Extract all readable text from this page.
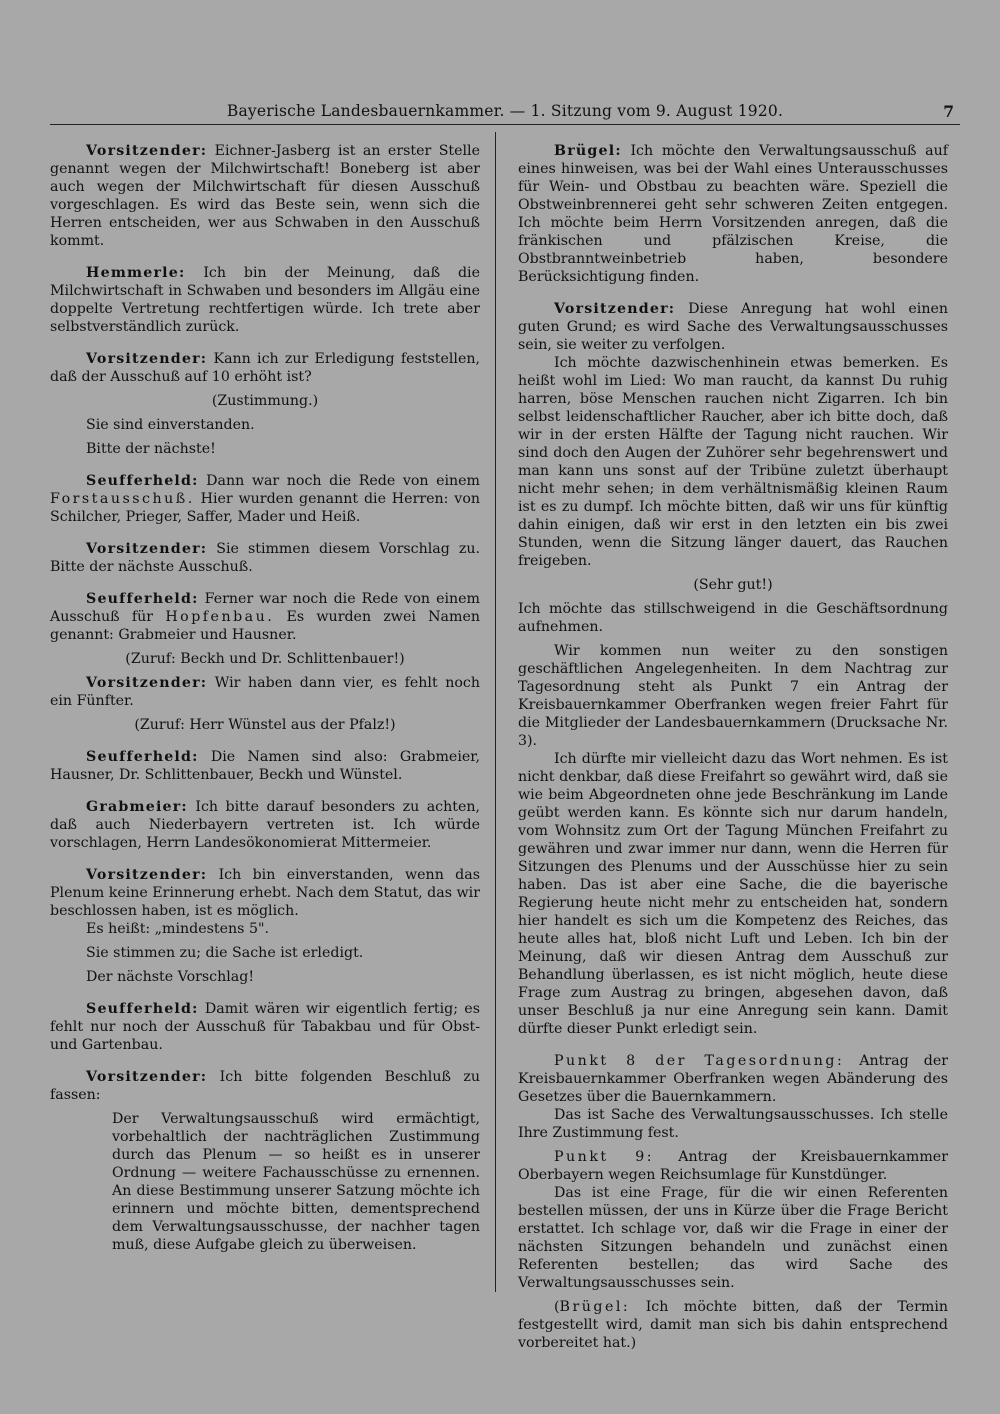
Bayerische Landesbauernkammer. — 1. Sitzung vom 9. August 1920.	7

Vorsitzender: Eichner-Jasberg ist an erster Stelle genannt wegen der Milchwirtschaft! Boneberg ist aber auch wegen der Milchwirtschaft für diesen Ausschuß vorgeschlagen. Es wird das Beste sein, wenn sich die Herren entscheiden, wer aus Schwaben in den Ausschuß kommt.

Hemmerle: Ich bin der Meinung, daß die Milchwirtschaft in Schwaben und besonders im Allgäu eine doppelte Vertretung rechtfertigen würde. Ich trete aber selbstverständlich zurück.

Vorsitzender: Kann ich zur Erledigung feststellen, daß der Ausschuß auf 10 erhöht ist?

(Zustimmung.)

Sie sind einverstanden.

Bitte der nächste!

Seufferheld: Dann war noch die Rede von einem Forstausschuß. Hier wurden genannt die Herren: von Schilcher, Prieger, Saffer, Mader und Heiß.

Vorsitzender: Sie stimmen diesem Vorschlag zu. Bitte der nächste Ausschuß.

Seufferheld: Ferner war noch die Rede von einem Ausschuß für Hopfenbau. Es wurden zwei Namen genannt: Grabmeier und Hausner.

(Zuruf: Beckh und Dr. Schlittenbauer!)

Vorsitzender: Wir haben dann vier, es fehlt noch ein Fünfter.

(Zuruf: Herr Wünstel aus der Pfalz!)

Seufferheld: Die Namen sind also: Grabmeier, Hausner, Dr. Schlittenbauer, Beckh und Wünstel.

Grabmeier: Ich bitte darauf besonders zu achten, daß auch Niederbayern vertreten ist. Ich würde vorschlagen, Herrn Landesökonomierat Mittermeier.

Vorsitzender: Ich bin einverstanden, wenn das Plenum keine Erinnerung erhebt. Nach dem Statut, das wir beschlossen haben, ist es möglich.

Es heißt: „mindestens 5".

Sie stimmen zu; die Sache ist erledigt.

Der nächste Vorschlag!

Seufferheld: Damit wären wir eigentlich fertig; es fehlt nur noch der Ausschuß für Tabakbau und für Obst- und Gartenbau.

Vorsitzender: Ich bitte folgenden Beschluß zu fassen:

Der Verwaltungsausschuß wird ermächtigt, vorbehaltlich der nachträglichen Zustimmung durch das Plenum — so heißt es in unserer Ordnung — weitere Fachausschüsse zu ernennen. An diese Bestimmung unserer Satzung möchte ich erinnern und möchte bitten, dementsprechend dem Verwaltungsausschusse, der nachher tagen muß, diese Aufgabe gleich zu überweisen.

Brügel: Ich möchte den Verwaltungsausschuß auf eines hinweisen, was bei der Wahl eines Unterausschusses für Wein- und Obstbau zu beachten wäre. Speziell die Obstweinbrennerei geht sehr schweren Zeiten entgegen. Ich möchte beim Herrn Vorsitzenden anregen, daß die fränkischen und pfälzischen Kreise, die Obstbranntweinbetrieb haben, besondere Berücksichtigung finden.

Vorsitzender: Diese Anregung hat wohl einen guten Grund; es wird Sache des Verwaltungsausschusses sein, sie weiter zu verfolgen.

Ich möchte dazwischenhinein etwas bemerken. Es heißt wohl im Lied: Wo man raucht, da kannst Du ruhig harren, böse Menschen rauchen nicht Zigarren. Ich bin selbst leidenschaftlicher Raucher, aber ich bitte doch, daß wir in der ersten Hälfte der Tagung nicht rauchen. Wir sind doch den Augen der Zuhörer sehr begehrenswert und man kann uns sonst auf der Tribüne zuletzt überhaupt nicht mehr sehen; in dem verhältnismäßig kleinen Raum ist es zu dumpf. Ich möchte bitten, daß wir uns für künftig dahin einigen, daß wir erst in den letzten ein bis zwei Stunden, wenn die Sitzung länger dauert, das Rauchen freigeben.

(Sehr gut!)

Ich möchte das stillschweigend in die Geschäftsordnung aufnehmen.

Wir kommen nun weiter zu den sonstigen geschäftlichen Angelegenheiten. In dem Nachtrag zur Tagesordnung steht als Punkt 7 ein Antrag der Kreisbauernkammer Oberfranken wegen freier Fahrt für die Mitglieder der Landesbauernkammern (Drucksache Nr. 3).

Ich dürfte mir vielleicht dazu das Wort nehmen. Es ist nicht denkbar, daß diese Freifahrt so gewährt wird, daß sie wie beim Abgeordneten ohne jede Beschränkung im Lande geübt werden kann. Es könnte sich nur darum handeln, vom Wohnsitz zum Ort der Tagung München Freifahrt zu gewähren und zwar immer nur dann, wenn die Herren für Sitzungen des Plenums und der Ausschüsse hier zu sein haben. Das ist aber eine Sache, die die bayerische Regierung heute nicht mehr zu entscheiden hat, sondern hier handelt es sich um die Kompetenz des Reiches, das heute alles hat, bloß nicht Luft und Leben. Ich bin der Meinung, daß wir diesen Antrag dem Ausschuß zur Behandlung überlassen, es ist nicht möglich, heute diese Frage zum Austrag zu bringen, abgesehen davon, daß unser Beschluß ja nur eine Anregung sein kann. Damit dürfte dieser Punkt erledigt sein.

Punkt 8 der Tagesordnung: Antrag der Kreisbauernkammer Oberfranken wegen Abänderung des Gesetzes über die Bauernkammern.

Das ist Sache des Verwaltungsausschusses. Ich stelle Ihre Zustimmung fest.

Punkt 9: Antrag der Kreisbauernkammer Oberbayern wegen Reichsumlage für Kunstdünger.

Das ist eine Frage, für die wir einen Referenten bestellen müssen, der uns in Kürze über die Frage Bericht erstattet. Ich schlage vor, daß wir die Frage in einer der nächsten Sitzungen behandeln und zunächst einen Referenten bestellen; das wird Sache des Verwaltungsausschusses sein.

(Brügel: Ich möchte bitten, daß der Termin festgestellt wird, damit man sich bis dahin entsprechend vorbereitet hat.)
